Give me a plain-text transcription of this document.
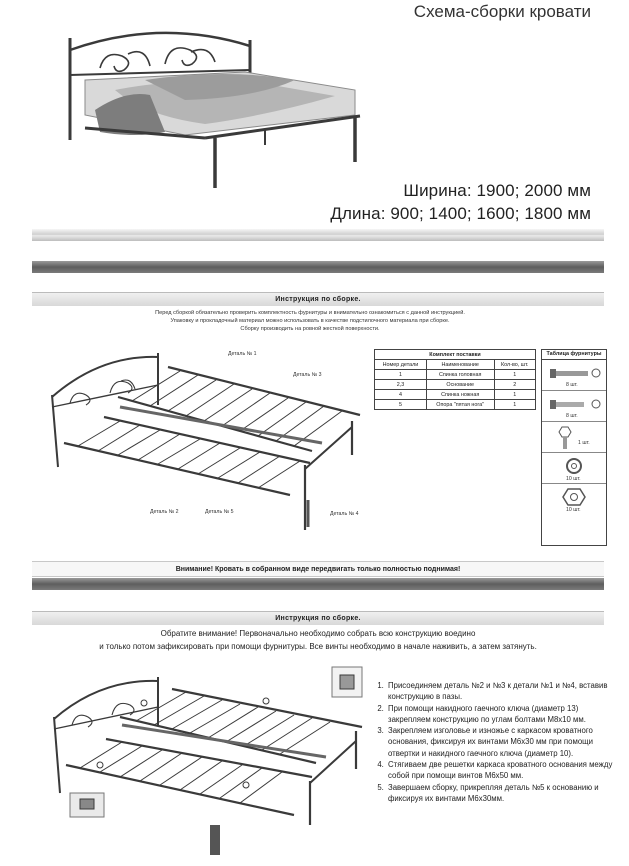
Схема-сборки кровати
Ширина: 1900; 2000 мм
Длина: 900; 1400; 1600; 1800 мм
Инструкция по сборке.
Перед сборкой обязательно проверить комплектность фурнитуры и внимательно ознакомиться с данной инструкцией.
Упаковку и прокладочный материал можно использовать в качестве подстилочного материала при сборке.
Сборку производить на ровной жесткой поверхности.
Деталь № 1
Деталь № 3
Деталь № 2	Деталь № 5	Деталь № 4
Комплект поставки		
Номер детали	Наименование	Кол-во, шт.
1	Спинка головная	1
2,3	Основание	2
4	Спинка ножная	1
5	Опора "пятая нога"	1
Таблица фурнитуры
8 шт.
8 шт.
1 шт.
10 шт.
10 шт.
Внимание! Кровать в собранном виде передвигать только полностью поднимая!
Инструкция по сборке.
Обратите внимание! Первоначально необходимо собрать всю конструкцию воедино
и только потом зафиксировать при помощи фурнитуры. Все винты необходимо в начале наживить, а затем затянуть.
1. Присоединяем деталь №2 и №3 к детали №1 и №4, вставив конструкцию в пазы.
2. При помощи накидного гаечного ключа (диаметр 13) закрепляем конструкцию по углам болтами М8х10 мм.
3. Закрепляем изголовье и изножье с каркасом кроватного основания, фиксируя их винтами М6х30 мм при помощи отвертки и накидного гаечного ключа (диаметр 10).
4. Стягиваем две решетки каркаса кроватного основания между собой при помощи винтов М6х50 мм.
5. Завершаем сборку, прикрепляя деталь №5 к основанию и фиксируя их винтами М6х30мм.
